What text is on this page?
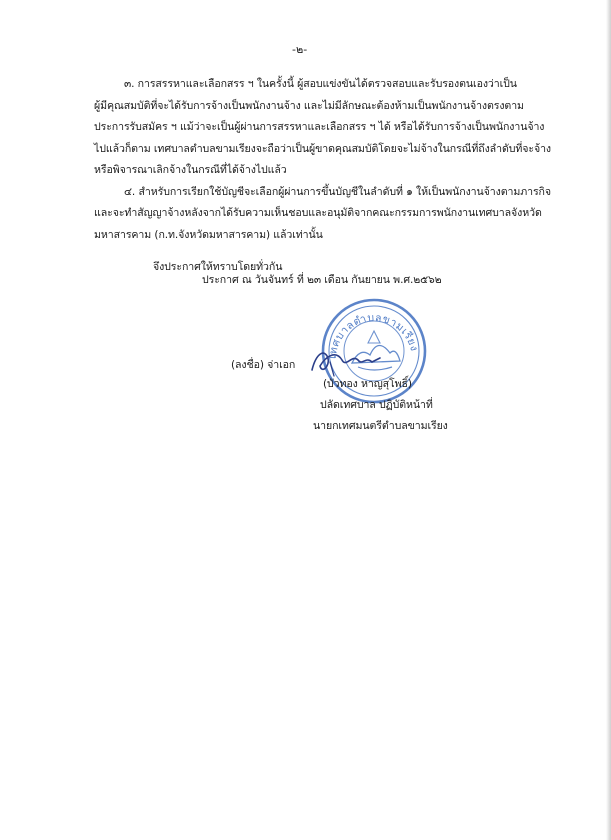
-๒-
๓. การสรรหาและเลือกสรร ฯ ในครั้งนี้ ผู้สอบแข่งขันได้ตรวจสอบและรับรองตนเองว่าเป็น
ผู้มีคุณสมบัติที่จะได้รับการจ้างเป็นพนักงานจ้าง และไม่มีลักษณะต้องห้ามเป็นพนักงานจ้างตรงตาม
ประการรับสมัคร ฯ แม้ว่าจะเป็นผู้ผ่านการสรรหาและเลือกสรร ฯ ได้ หรือได้รับการจ้างเป็นพนักงานจ้าง
ไปแล้วก็ตาม เทศบาลตำบลขามเรียงจะถือว่าเป็นผู้ขาดคุณสมบัติโดยจะไม่จ้างในกรณีที่ถึงลำดับที่จะจ้าง
หรือพิจารณาเลิกจ้างในกรณีที่ได้จ้างไปแล้ว
๔. สำหรับการเรียกใช้บัญชีจะเลือกผู้ผ่านการขึ้นบัญชีในลำดับที่ ๑ ให้เป็นพนักงานจ้างตามภารกิจ
และจะทำสัญญาจ้างหลังจากได้รับความเห็นชอบและอนุมัติจากคณะกรรมการพนักงานเทศบาลจังหวัด
มหาสารคาม (ก.ท.จังหวัดมหาสารคาม) แล้วเท่านั้น
จึงประกาศให้ทราบโดยทั่วกัน
ประกาศ ณ วันจันทร์ ที่ ๒๓ เดือน กันยายน พ.ศ.๒๕๖๒
เทศบาลตำบลขามเรียง
(ลงชื่อ) จ่าเอก
(บัวทอง หาญสุโพธิ์)
ปลัดเทศบาล ปฏิบัติหน้าที่
นายกเทศมนตรีตำบลขามเรียง
